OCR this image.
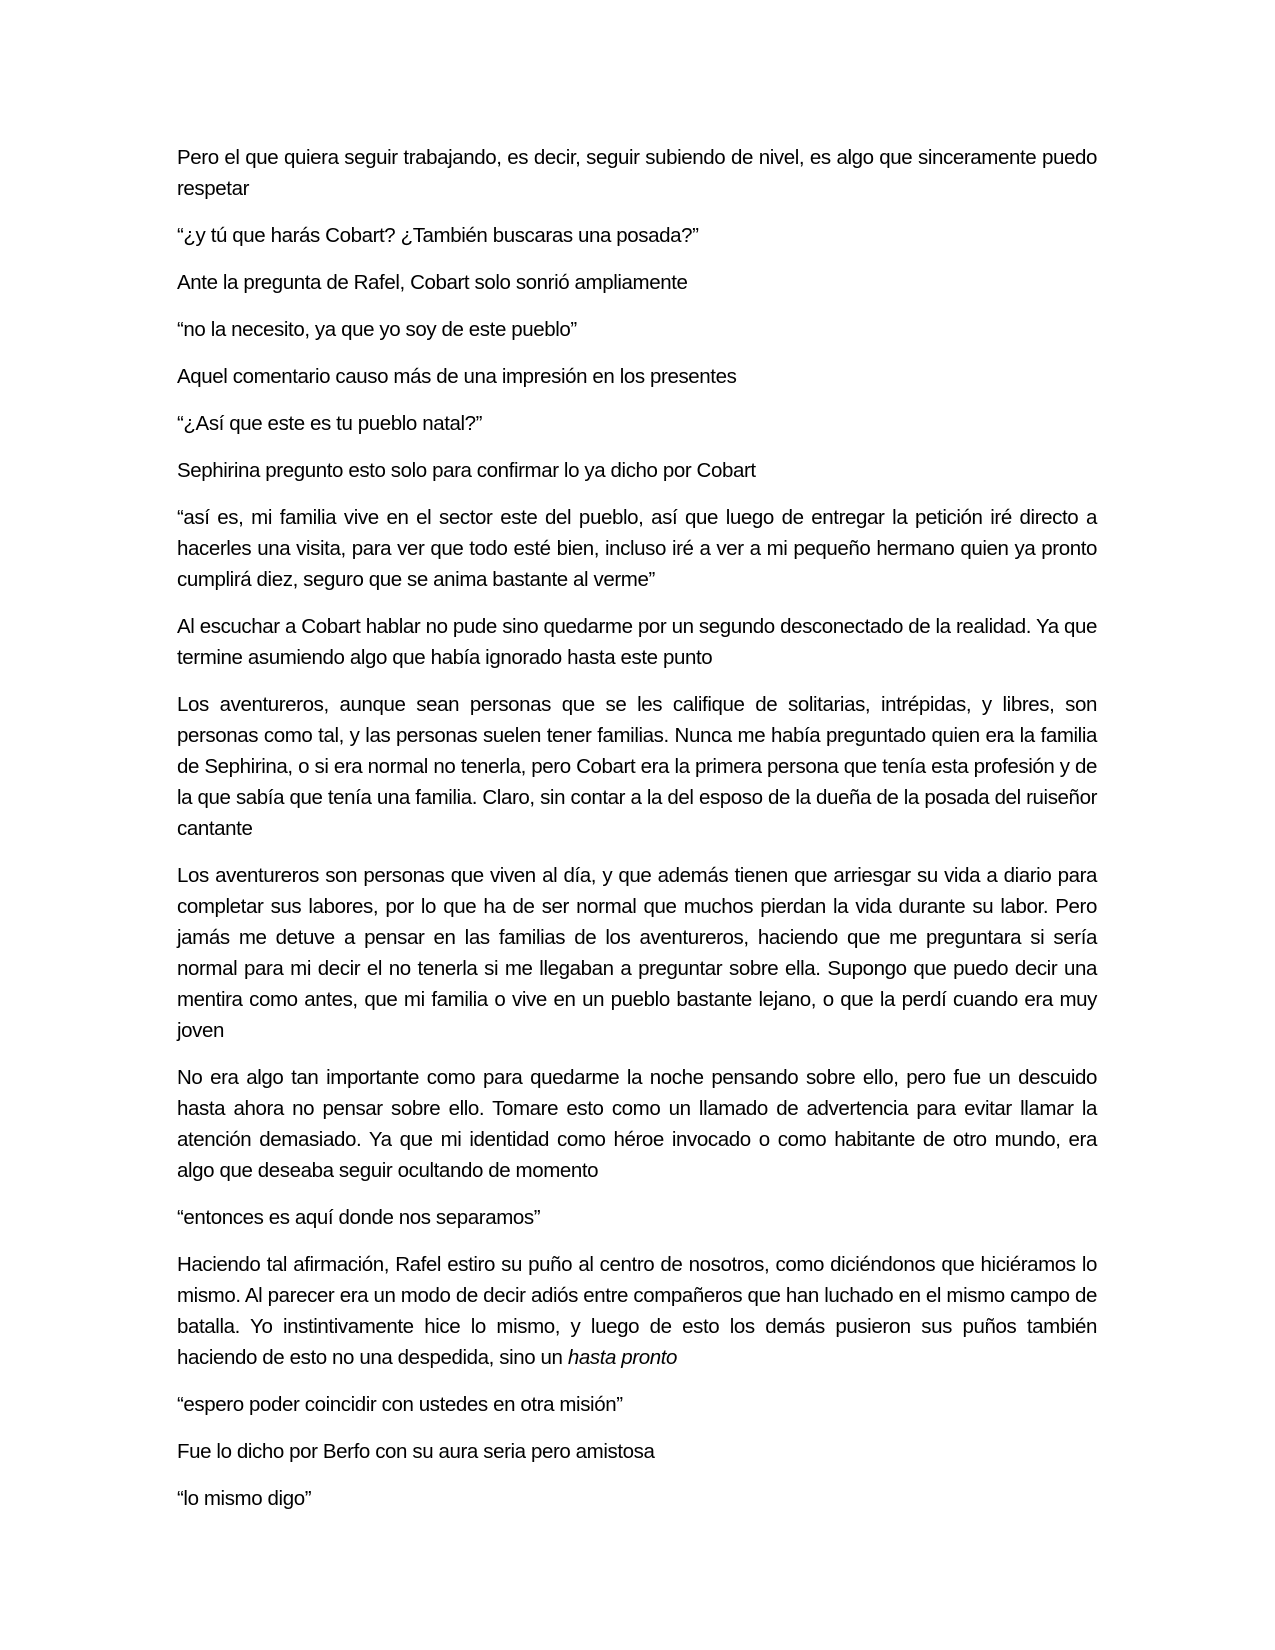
Pero el que quiera seguir trabajando, es decir, seguir subiendo de nivel, es algo que sinceramente puedo respetar

“¿y tú que harás Cobart? ¿También buscaras una posada?”

Ante la pregunta de Rafel, Cobart solo sonrió ampliamente

“no la necesito, ya que yo soy de este pueblo”

Aquel comentario causo más de una impresión en los presentes

“¿Así que este es tu pueblo natal?”

Sephirina pregunto esto solo para confirmar lo ya dicho por Cobart

“así es, mi familia vive en el sector este del pueblo, así que luego de entregar la petición iré directo a hacerles una visita, para ver que todo esté bien, incluso iré a ver a mi pequeño hermano quien ya pronto cumplirá diez, seguro que se anima bastante al verme”

Al escuchar a Cobart hablar no pude sino quedarme por un segundo desconectado de la realidad. Ya que termine asumiendo algo que había ignorado hasta este punto

Los aventureros, aunque sean personas que se les califique de solitarias, intrépidas, y libres, son personas como tal, y las personas suelen tener familias. Nunca me había preguntado quien era la familia de Sephirina, o si era normal no tenerla, pero Cobart era la primera persona que tenía esta profesión y de la que sabía que tenía una familia. Claro, sin contar a la del esposo de la dueña de la posada del ruiseñor cantante

Los aventureros son personas que viven al día, y que además tienen que arriesgar su vida a diario para completar sus labores, por lo que ha de ser normal que muchos pierdan la vida durante su labor. Pero jamás me detuve a pensar en las familias de los aventureros, haciendo que me preguntara si sería normal para mi decir el no tenerla si me llegaban a preguntar sobre ella. Supongo que puedo decir una mentira como antes, que mi familia o vive en un pueblo bastante lejano, o que la perdí cuando era muy joven

No era algo tan importante como para quedarme la noche pensando sobre ello, pero fue un descuido hasta ahora no pensar sobre ello. Tomare esto como un llamado de advertencia para evitar llamar la atención demasiado. Ya que mi identidad como héroe invocado o como habitante de otro mundo, era algo que deseaba seguir ocultando de momento

“entonces es aquí donde nos separamos”

Haciendo tal afirmación, Rafel estiro su puño al centro de nosotros, como diciéndonos que hiciéramos lo mismo. Al parecer era un modo de decir adiós entre compañeros que han luchado en el mismo campo de batalla. Yo instintivamente hice lo mismo, y luego de esto los demás pusieron sus puños también haciendo de esto no una despedida, sino un hasta pronto

“espero poder coincidir con ustedes en otra misión”

Fue lo dicho por Berfo con su aura seria pero amistosa

“lo mismo digo”
